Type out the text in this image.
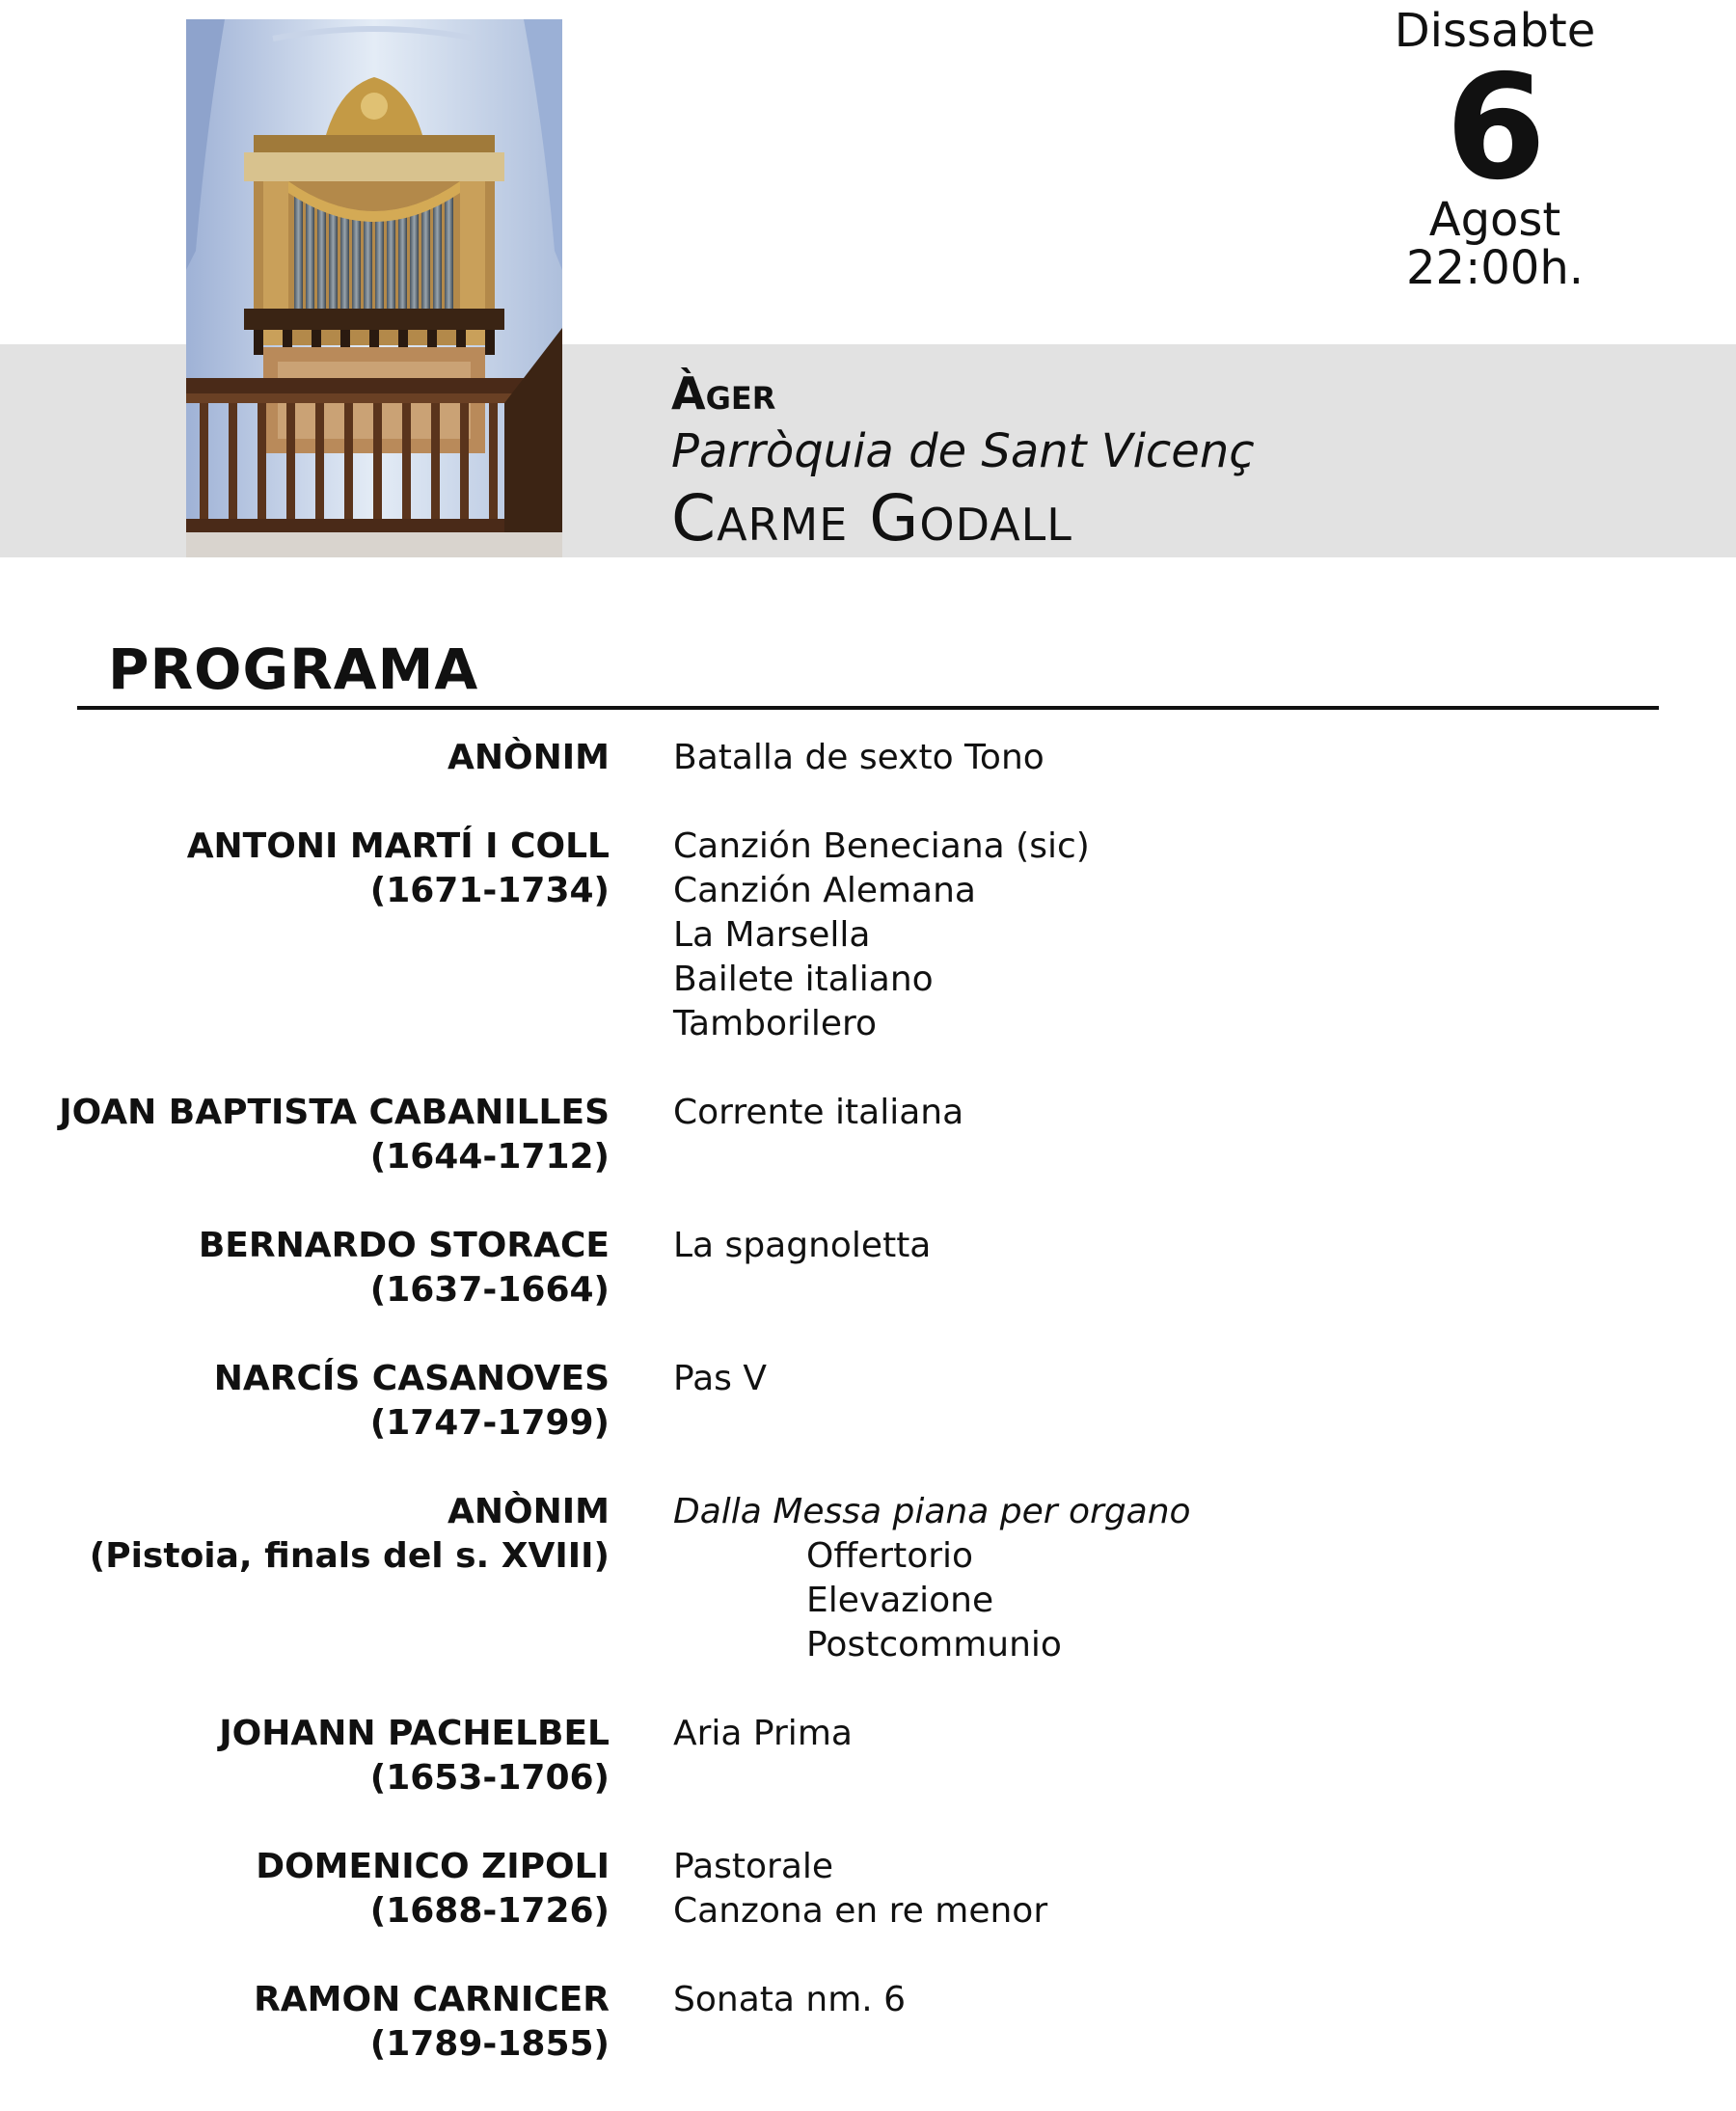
Dissabte
6
Agost
22:00h.
Àger
Parròquia de Sant Vicenç
Carme Godall
PROGRAMA
ANÒNIM Batalla de sexto Tono
ANTONI MARTÍ I COLL
(1671-1734)
Canzión Beneciana (sic)
Canzión Alemana
La Marsella
Bailete italiano
Tamborilero
JOAN BAPTISTA CABANILLES
(1644-1712)
Corrente italiana
BERNARDO STORACE
(1637-1664)
La spagnoletta
NARCÍS CASANOVES
(1747-1799)
Pas V
ANÒNIM
(Pistoia, finals del s. XVIII)
Dalla Messa piana per organo
Offertorio
Elevazione
Postcommunio
JOHANN PACHELBEL
(1653-1706)
Aria Prima
DOMENICO ZIPOLI
(1688-1726)
Pastorale
Canzona en re menor
RAMON CARNICER
(1789-1855)
Sonata nm. 6
